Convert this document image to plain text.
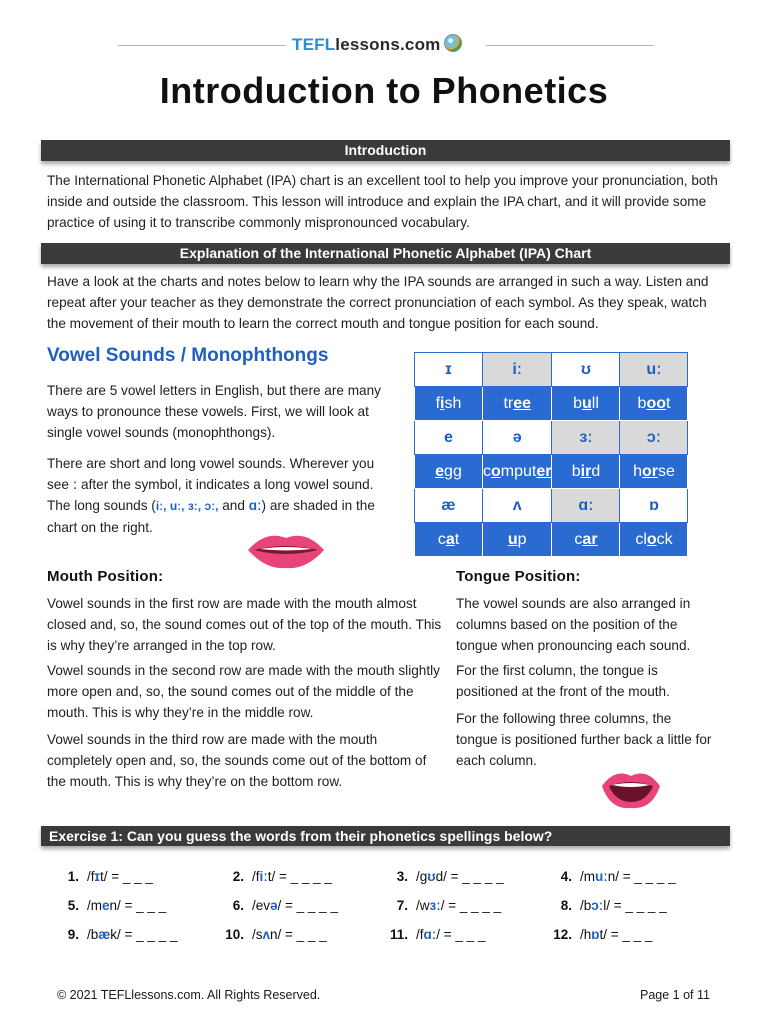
TEFLlessons.com
Introduction to Phonetics
Introduction
The International Phonetic Alphabet (IPA) chart is an excellent tool to help you improve your pronunciation, both inside and outside the classroom. This lesson will introduce and explain the IPA chart, and it will provide some practice of using it to transcribe commonly mispronounced vocabulary.
Explanation of the International Phonetic Alphabet (IPA) Chart
Have a look at the charts and notes below to learn why the IPA sounds are arranged in such a way. Listen and repeat after your teacher as they demonstrate the correct pronunciation of each symbol. As they speak, watch the movement of their mouth to learn the correct mouth and tongue position for each sound.
Vowel Sounds / Monophthongs
There are 5 vowel letters in English, but there are many ways to pronounce these vowels. First, we will look at single vowel sounds (monophthongs).
There are short and long vowel sounds. Wherever you see ː after the symbol, it indicates a long vowel sound. The long sounds (iː, uː, ɜː, ɔː, and ɑː) are shaded in the chart on the right.
ɪ	iː	ʊ	uː
fish	tree	bull	boot
e	ə	ɜː	ɔː
egg	computer	bird	horse
æ	ʌ	ɑː	ɒ
cat	up	car	clock
Mouth Position:
Vowel sounds in the first row are made with the mouth almost closed and, so, the sound comes out of the top of the mouth. This is why they’re arranged in the top row.
Vowel sounds in the second row are made with the mouth slightly more open and, so, the sound comes out of the middle of the mouth. This is why they’re in the middle row.
Vowel sounds in the third row are made with the mouth completely open and, so, the sounds come out of the bottom of the mouth. This is why they’re on the bottom row.
Tongue Position:
The vowel sounds are also arranged in columns based on the position of the tongue when pronouncing each sound.
For the first column, the tongue is positioned at the front of the mouth.
For the following three columns, the tongue is positioned further back a little for each column.
Exercise 1: Can you guess the words from their phonetics spellings below?
1. /fɪt/ = _ _ _	2. /fiːt/ = _ _ _ _	3. /gʊd/ = _ _ _ _	4. /muːn/ = _ _ _ _
5. /men/ = _ _ _	6. /evə/ = _ _ _ _	7. /wɜː/ = _ _ _ _	8. /bɔːl/ = _ _ _ _
9. /bæk/ = _ _ _ _	10. /sʌn/ = _ _ _	11. /fɑː/ = _ _ _	12. /hɒt/ = _ _ _
© 2021 TEFLlessons.com. All Rights Reserved.	Page 1 of 11
